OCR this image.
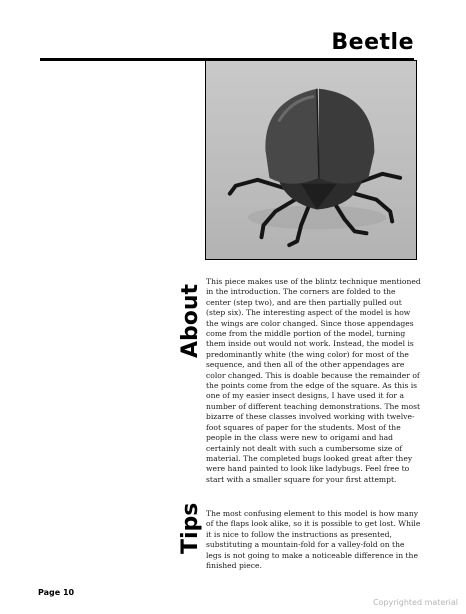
Beetle
About

This piece makes use of the blintz technique mentioned in the introduction. The corners are folded to the center (step two), and are then partially pulled out (step six). The interesting aspect of the model is how the wings are color changed. Since those appendages come from the middle portion of the model, turning them inside out would not work. Instead, the model is predominantly white (the wing color) for most of the sequence, and then all of the other appendages are color changed. This is doable because the remainder of the points come from the edge of the square. As this is one of my easier insect designs, I have used it for a number of different teaching demonstrations. The most bizarre of these classes involved working with twelve-foot squares of paper for the students. Most of the people in the class were new to origami and had certainly not dealt with such a cumbersome size of material. The completed bugs looked great after they were hand painted to look like ladybugs. Feel free to start with a smaller square for your first attempt.

Tips The most confusing element to this model is how many of the flaps look alike, so it is possible to get lost. While it is nice to follow the instructions as presented, substituting a mountain-fold for a valley-fold on the legs is not going to make a noticeable difference in the finished piece.

Page 10
Copyrighted material
